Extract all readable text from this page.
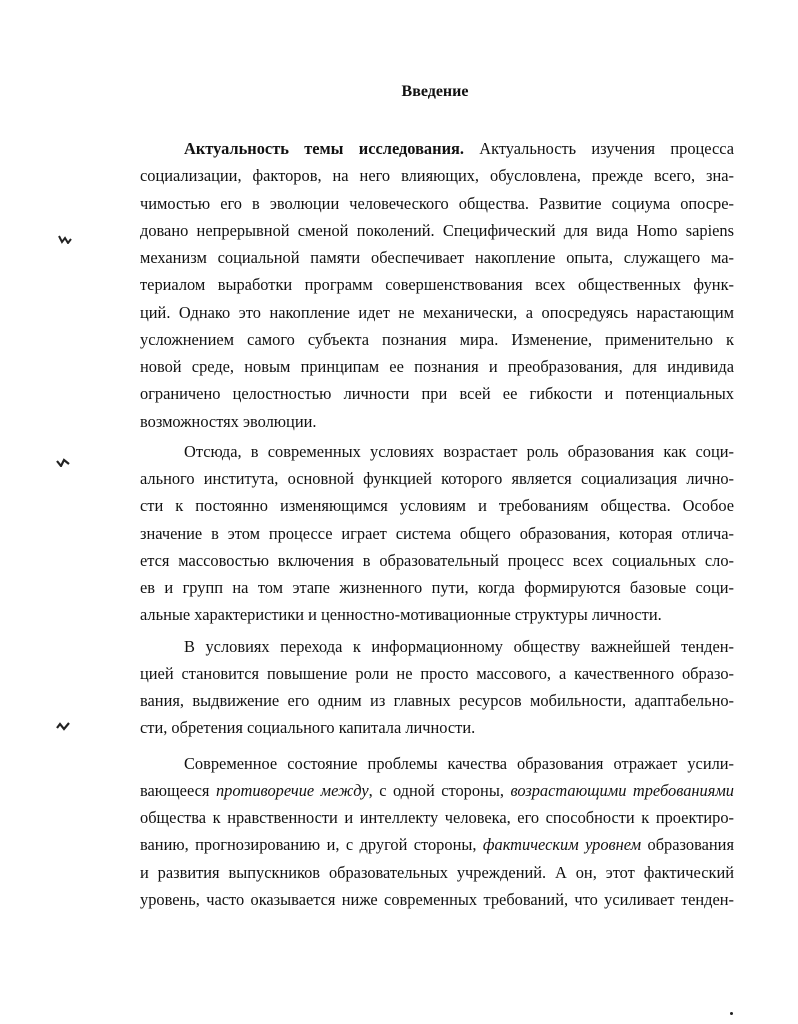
Введение
Актуальность темы исследования. Актуальность изучения процесса
социализации, факторов, на него влияющих, обусловлена, прежде всего, зна-
чимостью его в эволюции человеческого общества. Развитие социума опосре-
довано непрерывной сменой поколений. Специфический для вида Homo sapiens
механизм социальной памяти обеспечивает накопление опыта, служащего ма-
териалом выработки программ совершенствования всех общественных функ-
ций. Однако это накопление идет не механически, а опосредуясь нарастающим
усложнением самого субъекта познания мира. Изменение, применительно к
новой среде, новым принципам ее познания и преобразования, для индивида
ограничено целостностью личности при всей ее гибкости и потенциальных
возможностях эволюции.
Отсюда, в современных условиях возрастает роль образования как соци-
ального института, основной функцией которого является социализация лично-
сти к постоянно изменяющимся условиям и требованиям общества. Особое
значение в этом процессе играет система общего образования, которая отлича-
ется массовостью включения в образовательный процесс всех социальных сло-
ев и групп на том этапе жизненного пути, когда формируются базовые соци-
альные характеристики и ценностно-мотивационные структуры личности.
В условиях перехода к информационному обществу важнейшей тенден-
цией становится повышение роли не просто массового, а качественного образо-
вания, выдвижение его одним из главных ресурсов мобильности, адаптабельно-
сти, обретения социального капитала личности.
Современное состояние проблемы качества образования отражает усили-
вающееся противоречие между, с одной стороны, возрастающими требованиями
общества к нравственности и интеллекту человека, его способности к проектиро-
ванию, прогнозированию и, с другой стороны, фактическим уровнем образования
и развития выпускников образовательных учреждений. А он, этот фактический
уровень, часто оказывается ниже современных требований, что усиливает тенден-
